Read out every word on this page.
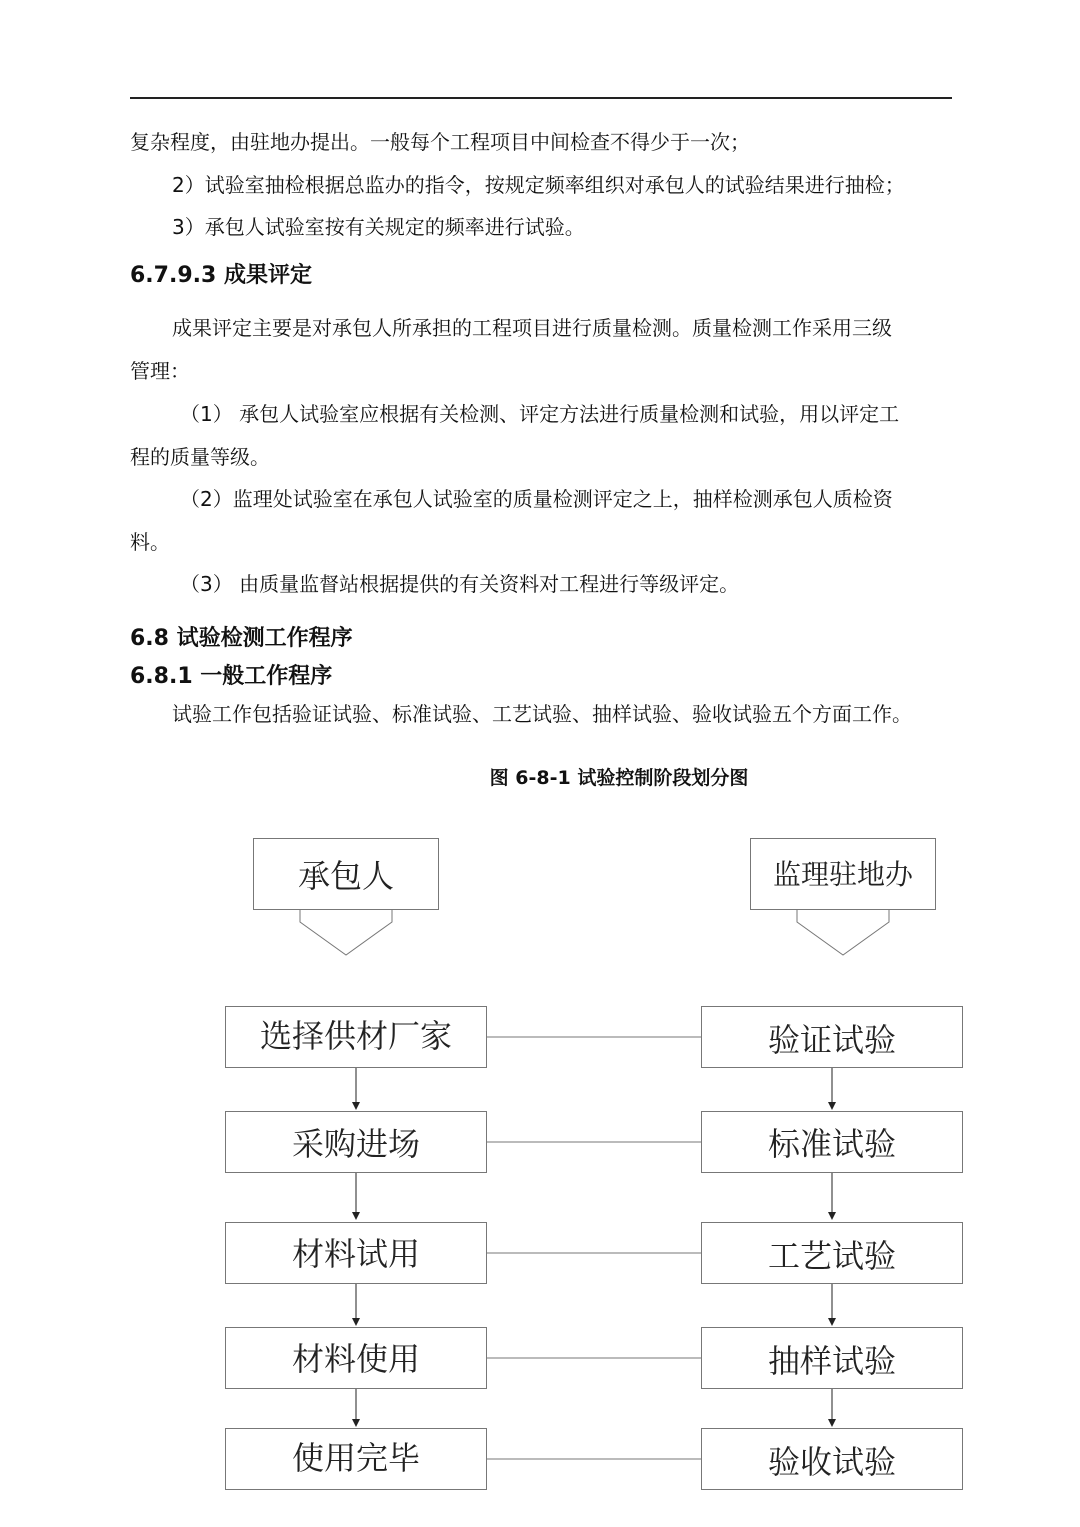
复杂程度，由驻地办提出。一般每个工程项目中间检查不得少于一次；
2）试验室抽检根据总监办的指令，按规定频率组织对承包人的试验结果进行抽检；
3）承包人试验室按有关规定的频率进行试验。
6.7.9.3 成果评定
成果评定主要是对承包人所承担的工程项目进行质量检测。质量检测工作采用三级
管理：
（1） 承包人试验室应根据有关检测、评定方法进行质量检测和试验，用以评定工
程的质量等级。
（2）监理处试验室在承包人试验室的质量检测评定之上，抽样检测承包人质检资
料。
（3） 由质量监督站根据提供的有关资料对工程进行等级评定。
6.8 试验检测工作程序
6.8.1 一般工作程序
试验工作包括验证试验、标准试验、工艺试验、抽样试验、验收试验五个方面工作。
图 6-8-1 试验控制阶段划分图
承包人	监理驻地办
选择供材厂家
采购进场
材料试用
材料使用
使用完毕
验证试验
标准试验
工艺试验
抽样试验
验收试验
